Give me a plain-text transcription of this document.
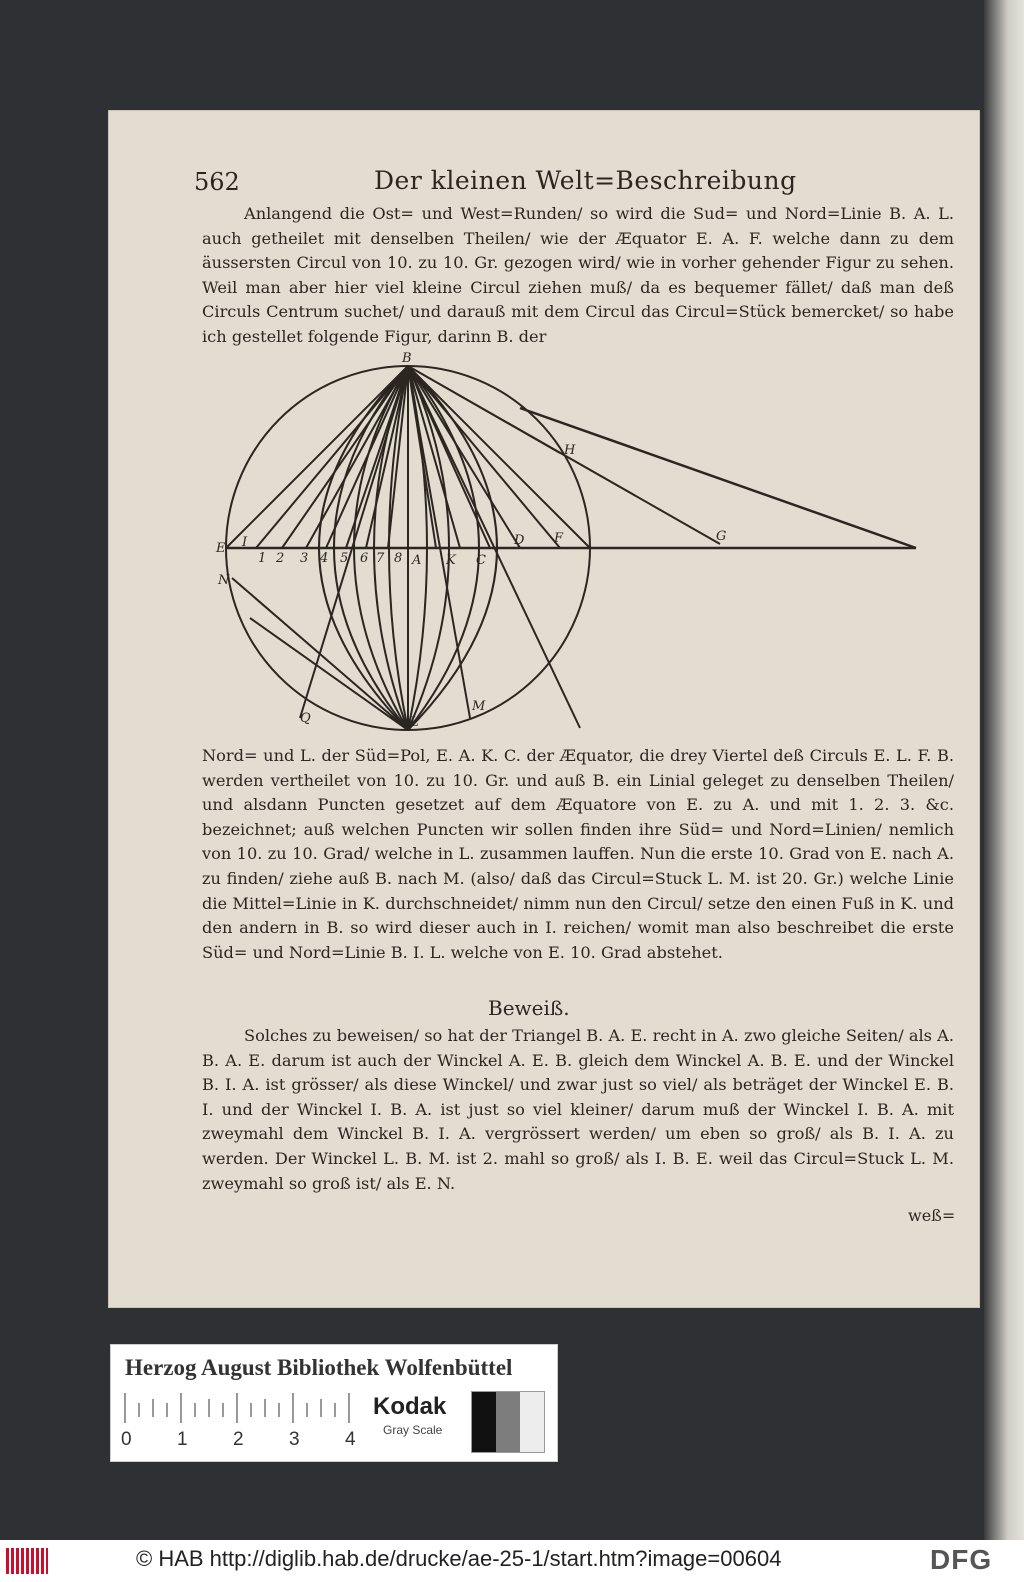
562	Der kleinen Welt=Beschreibung
Anlangend die Ost= und West=Runden/ so wird die Sud= und Nord=Linie B. A. L. auch getheilet mit denselben Theilen/ wie der Æquator E. A. F. welche dann zu dem äussersten Circul von 10. zu 10. Gr. gezogen wird/ wie in vorher gehender Figur zu sehen. Weil man aber hier viel kleine Circul ziehen muß/ da es bequemer fället/ daß man deß Circuls Centrum suchet/ und darauß mit dem Circul das Circul=Stück bemercket/ so habe ich gestellet folgende Figur, darinn B. der
B
H
E I
1 2 3 4 5 6 7 8 A K C
D F	G
N
Q	L
M
Nord= und L. der Süd=Pol, E. A. K. C. der Æquator, die drey Viertel deß Circuls E. L. F. B. werden vertheilet von 10. zu 10. Gr. und auß B. ein Linial geleget zu denselben Theilen/ und alsdann Puncten gesetzet auf dem Æquatore von E. zu A. und mit 1. 2. 3. &c. bezeichnet; auß welchen Puncten wir sollen finden ihre Süd= und Nord=Linien/ nemlich von 10. zu 10. Grad/ welche in L. zusammen lauffen. Nun die erste 10. Grad von E. nach A. zu finden/ ziehe auß B. nach M. (also/ daß das Circul=Stuck L. M. ist 20. Gr.) welche Linie die Mittel=Linie in K. durchschneidet/ nimm nun den Circul/ setze den einen Fuß in K. und den andern in B. so wird dieser auch in I. reichen/ womit man also beschreibet die erste Süd= und Nord=Linie B. I. L. welche von E. 10. Grad abstehet.
Beweiß.
Solches zu beweisen/ so hat der Triangel B. A. E. recht in A. zwo gleiche Seiten/ als A. B. A. E. darum ist auch der Winckel A. E. B. gleich dem Winckel A. B. E. und der Winckel B. I. A. ist grösser/ als diese Winckel/ und zwar just so viel/ als beträget der Winckel E. B. I. und der Winckel I. B. A. ist just so viel kleiner/ darum muß der Winckel I. B. A. mit zweymahl dem Winckel B. I. A. vergrössert werden/ um eben so groß/ als B. I. A. zu werden. Der Winckel L. B. M. ist 2. mahl so groß/ als I. B. E. weil das Circul=Stuck L. M. zweymahl so groß ist/ als E. N.
weß=
Herzog August Bibliothek Wolfenbüttel
0 1 2 3 4
Kodak
Gray Scale
© HAB http://diglib.hab.de/drucke/ae-25-1/start.htm?image=00604	DFG
